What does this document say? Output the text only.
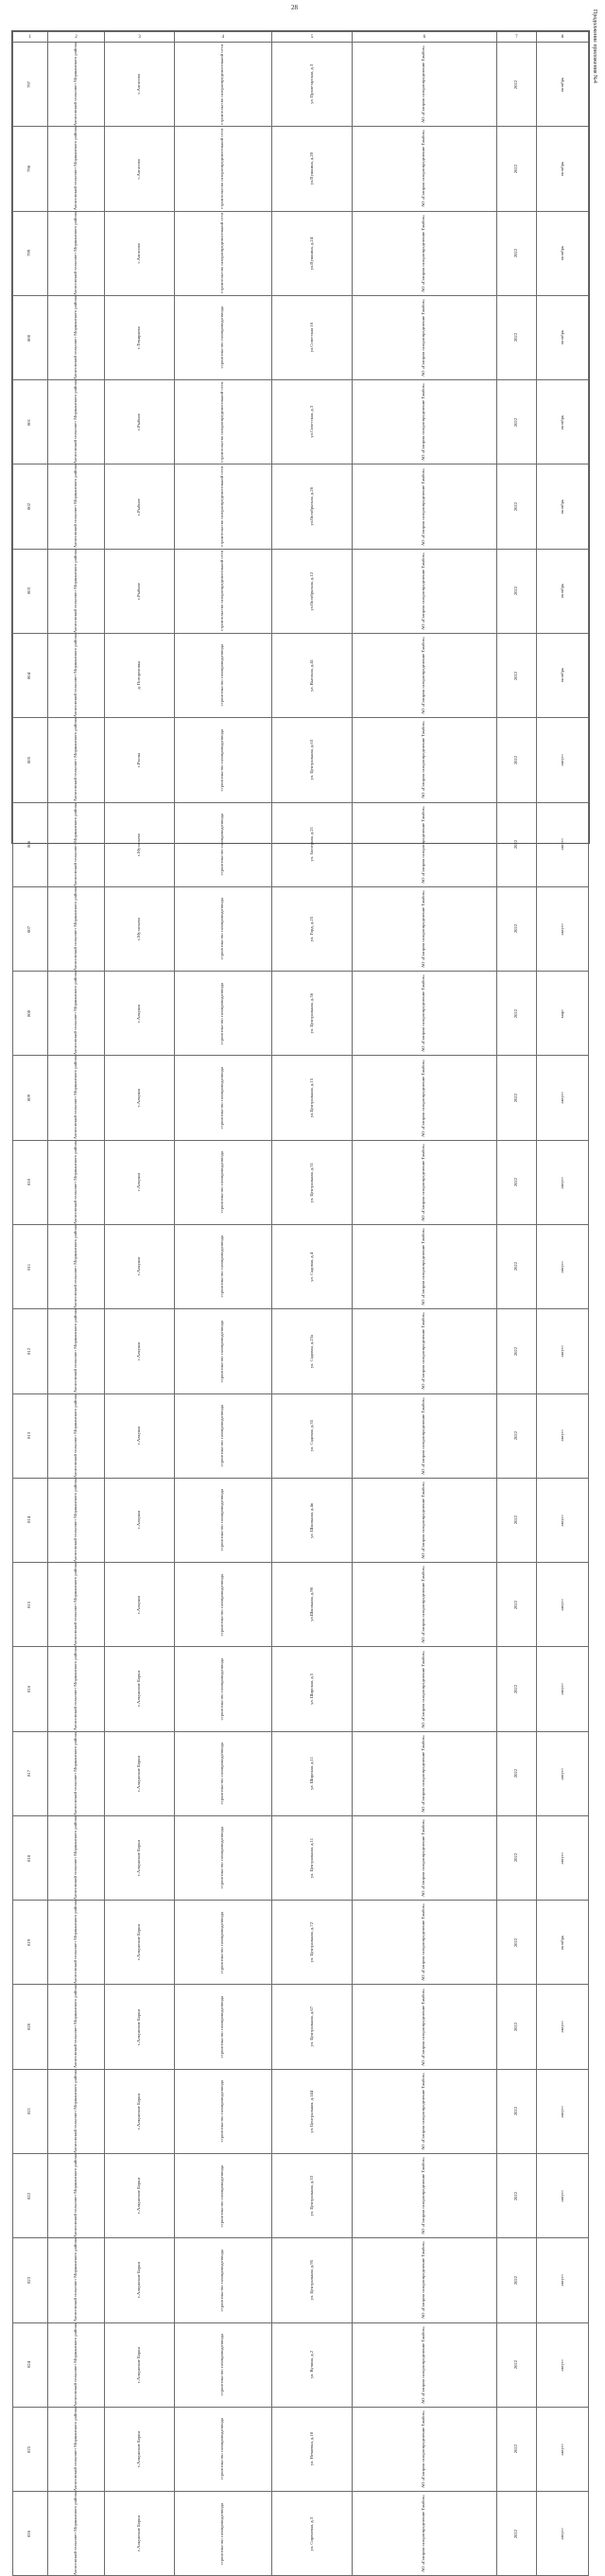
28
Продолжение приложения №4
1	2	3	4	5	6	7	8

797	Алгасовский сельсовет Моршанского района	с.Алгасово	строительство газораспределительной сети	ул. Пролетарская, д.3	АО «Газпром газораспределение Тамбов»	2022	октябрь

798	Алгасовский сельсовет Моршанского района	с.Алгасово	строительство газораспределительной сети	ул.Пушкина, д.20	АО «Газпром газораспределение Тамбов»	2022	октябрь

799	Алгасовский сельсовет Моршанского района	с.Алгасово	строительство газораспределительной сети	ул.Пушкина, д.24	АО «Газпром газораспределение Тамбов»	2022	октябрь

800	Алгасовский сельсовет Моршанского района	с.Темиряево	строительство газопровода-ввода	ул.Советская 16	АО «Газпром газораспределение Тамбов»	2022	октябрь

801	Алгасовский сельсовет Моршанского района	с.Рыбное	строительство газораспределительной сети	ул.Советская, д.3	АО «Газпром газораспределение Тамбов»	2022	октябрь

802	Алгасовский сельсовет Моршанского района	с.Рыбное	строительство газораспределительной сети	ул.Октябрьская, д.26	АО «Газпром газораспределение Тамбов»	2022	октябрь

803	Алгасовский сельсовет Моршанского района	с.Рыбное	строительство газораспределительной сети	ул.Октябрьская, д.12	АО «Газпром газораспределение Тамбов»	2022	октябрь

804	Алгасовский сельсовет Моршанского района	д. Погореловка	строительство газопровода-ввода	ул. Высокая, д.41	АО «Газпром газораспределение Тамбов»	2022	октябрь

805	Алгасовский сельсовет Моршанского района	с.Раслы	строительство газопровода-ввода	ул. Центральная, д.63	АО «Газпром газораспределение Тамбов»	2022	август

806	Алгасовский сельсовет Моршанского района	с.Мутасьево	строительство газопровода-ввода	ул. Заозерная, д.21	АО «Газпром газораспределение Тамбов»	2022	август

807	Алгасовский сельсовет Моршанского района	с.Мутасьево	строительство газопровода-ввода	ул. Горд, д.25	АО «Газпром газораспределение Тамбов»	2022	август

808	Алгасовский сельсовет Моршанского района	с.Алкуши	строительство газопровода-ввода	ул. Центральная, д.36	АО «Газпром газораспределение Тамбов»	2022	март

809	Алгасовский сельсовет Моршанского района	с.Алкуши	строительство газопровода-ввода	ул.Центральная, д.15	АО «Газпром газораспределение Тамбов»	2022	август

810	Алгасовский сельсовет Моршанского района	с.Алкуши	строительство газопровода-ввода	ул. Центральная, д.31	АО «Газпром газораспределение Тамбов»	2022	август

811	Алгасовский сельсовет Моршанского района	с.Алкуши	строительство газопровода-ввода	ул. Садовая, д.4	АО «Газпром газораспределение Тамбов»	2022	август

812	Алгасовский сельсовет Моршанского района	с.Алкуши	строительство газопровода-ввода	ул. Садовая, д.23а	АО «Газпром газораспределение Тамбов»	2022	август

813	Алгасовский сельсовет Моршанского района	с.Алкуши	строительство газопровода-ввода	ул. Садовая, д.35	АО «Газпром газораспределение Тамбов»	2022	август

814	Алгасовский сельсовет Моршанского района	с.Алкуши	строительство газопровода-ввода	ул. Школьная, д.4в	АО «Газпром газораспределение Тамбов»	2022	август

815	Алгасовский сельсовет Моршанского района	с.Алкуши	строительство газопровода-ввода	ул.Школьная, д.90	АО «Газпром газораспределение Тамбов»	2022	август

816	Алгасовский сельсовет Моршанского района	с.Алкужские Борки	строительство газопровода-ввода	ул. Широкая, д.5	АО «Газпром газораспределение Тамбов»	2022	август

817	Алгасовский сельсовет Моршанского района	с.Алкужские Борки	строительство газопровода-ввода	ул. Широкая, д.11	АО «Газпром газораспределение Тамбов»	2022	август

818	Алгасовский сельсовет Моршанского района	с.Алкужские Борки	строительство газопровода-ввода	ул. Центральная, д.11	АО «Газпром газораспределение Тамбов»	2022	август

819	Алгасовский сельсовет Моршанского района	с.Алкужские Борки	строительство газопровода-ввода	ул. Центральная, д.72	АО «Газпром газораспределение Тамбов»	2022	октябрь

820	Алгасовский сельсовет Моршанского района	с.Алкужские Борки	строительство газопровода-ввода	ул. Центральная, д.67	АО «Газпром газораспределение Тамбов»	2022	август

821	Алгасовский сельсовет Моршанского района	с.Алкужские Борки	строительство газопровода-ввода	ул. Центральная, д.144	АО «Газпром газораспределение Тамбов»	2022	август

822	Алгасовский сельсовет Моршанского района	с.Алкужские Борки	строительство газопровода-ввода	ул. Центральная, д.33	АО «Газпром газораспределение Тамбов»	2022	август

823	Алгасовский сельсовет Моршанского района	с.Алкужские Борки	строительство газопровода-ввода	ул. Центральная, д.95	АО «Газпром газораспределение Тамбов»	2022	август

824	Алгасовский сельсовет Моршанского района	с.Алкужские Борки	строительство газопровода-ввода	ул. Кучина, д.2	АО «Газпром газораспределение Тамбов»	2022	август

825	Алгасовский сельсовет Моршанского района	с.Алкужские Борки	строительство газопровода-ввода	ул. Нечаевка, д.18	АО «Газпром газораспределение Тамбов»	2022	август

826	Алгасовский сельсовет Моршанского района	с.Алкужские Борки	строительство газопровода-ввода	ул. Сиреневая, д.3	АО «Газпром газораспределение Тамбов»	2022	август
